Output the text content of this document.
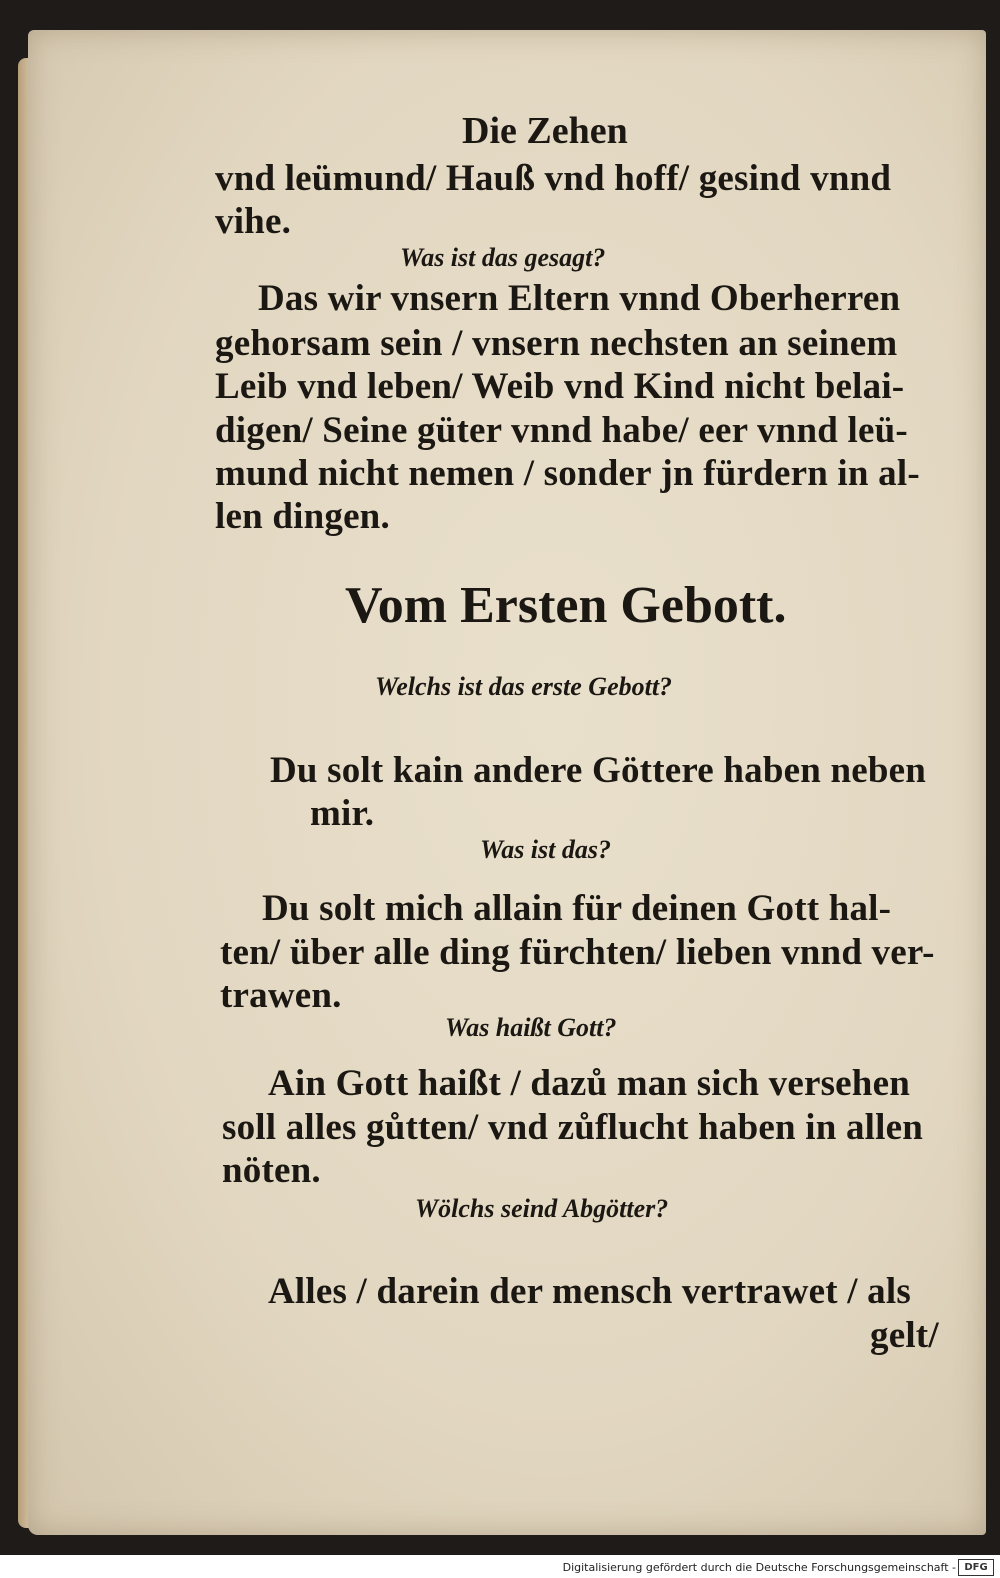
Die Zehen
vnd leümund/ Hauß vnd hoff/ gesind vnnd
vihe.
Was ist das gesagt?
Das wir vnsern Eltern vnnd Oberherren
gehorsam sein / vnsern nechsten an seinem
Leib vnd leben/ Weib vnd Kind nicht belai-
digen/ Seine güter vnnd habe/ eer vnnd leü-
mund nicht nemen / sonder jn fürdern in al-
len dingen.
Vom Ersten Gebott.
Welchs ist das erste Gebott?
Du solt kain andere Göttere haben neben
mir.
Was ist das?
Du solt mich allain für deinen Gott hal-
ten/ über alle ding fürchten/ lieben vnnd ver-
trawen.
Was haißt Gott?
Ain Gott haißt / dazů man sich versehen
soll alles gůtten/ vnd zůflucht haben in allen
nöten.
Wölchs seind Abgötter?
Alles / darein der mensch vertrawet / als
gelt/
Digitalisierung gefördert durch die Deutsche Forschungsgemeinschaft - DFG
